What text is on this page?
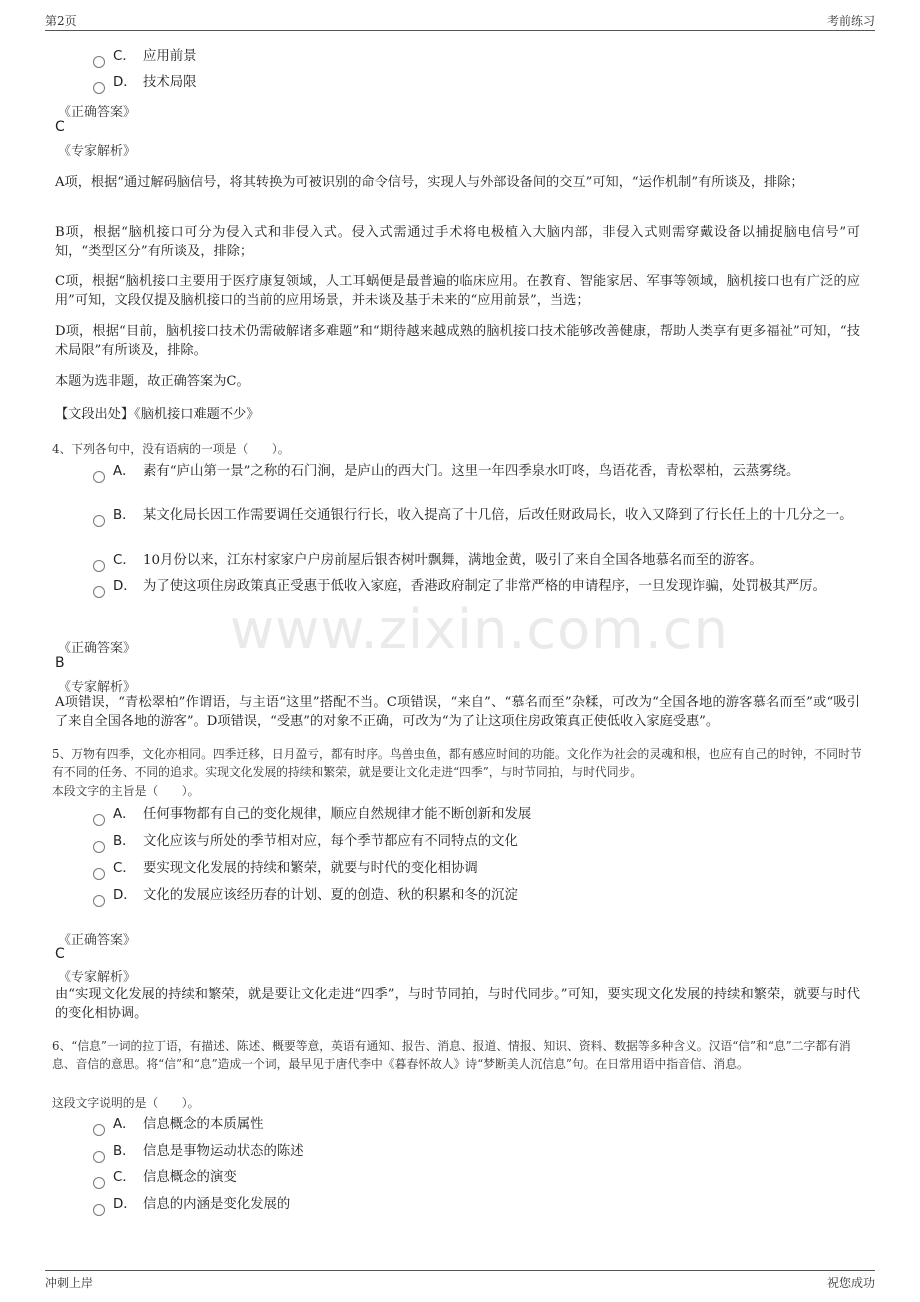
第2页	考前练习
www.zixin.com.cn
C． 应用前景
D． 技术局限
《正确答案》
C
《专家解析》
A项，根据“通过解码脑信号，将其转换为可被识别的命令信号，实现人与外部设备间的交互”可知，“运作机制”有所谈及，排除；
B项，根据“脑机接口可分为侵入式和非侵入式。侵入式需通过手术将电极植入大脑内部，非侵入式则需穿戴设备以捕捉脑电信号”可知，“类型区分”有所谈及，排除；
C项，根据“脑机接口主要用于医疗康复领域，人工耳蜗便是最普遍的临床应用。在教育、智能家居、军事等领域，脑机接口也有广泛的应用”可知，文段仅提及脑机接口的当前的应用场景，并未谈及基于未来的“应用前景”，当选；
D项，根据“目前，脑机接口技术仍需破解诸多难题”和“期待越来越成熟的脑机接口技术能够改善健康，帮助人类享有更多福祉”可知，“技术局限”有所谈及，排除。
本题为选非题，故正确答案为C。
【文段出处】《脑机接口难题不少》
4、下列各句中，没有语病的一项是（　　）。
A． 素有“庐山第一景”之称的石门涧，是庐山的西大门。这里一年四季泉水叮咚，鸟语花香，青松翠柏，云蒸雾绕。
B． 某文化局长因工作需要调任交通银行行长，收入提高了十几倍，后改任财政局长，收入又降到了行长任上的十几分之一。
C． 10月份以来，江东村家家户户房前屋后银杏树叶飘舞，满地金黄，吸引了来自全国各地慕名而至的游客。
D． 为了使这项住房政策真正受惠于低收入家庭，香港政府制定了非常严格的申请程序，一旦发现诈骗，处罚极其严厉。
《正确答案》
B
《专家解析》
A项错误，“青松翠柏”作谓语，与主语“这里”搭配不当。C项错误，“来自”、“慕名而至”杂糅，可改为“全国各地的游客慕名而至”或“吸引了来自全国各地的游客”。D项错误，“受惠”的对象不正确，可改为“为了让这项住房政策真正使低收入家庭受惠”。
5、万物有四季，文化亦相同。四季迁移，日月盈亏，都有时序。鸟兽虫鱼，都有感应时间的功能。文化作为社会的灵魂和根，也应有自己的时钟，不同时节有不同的任务、不同的追求。实现文化发展的持续和繁荣，就是要让文化走进“四季”，与时节同拍，与时代同步。
本段文字的主旨是（　　）。
A． 任何事物都有自己的变化规律，顺应自然规律才能不断创新和发展
B． 文化应该与所处的季节相对应，每个季节都应有不同特点的文化
C． 要实现文化发展的持续和繁荣，就要与时代的变化相协调
D． 文化的发展应该经历春的计划、夏的创造、秋的积累和冬的沉淀
《正确答案》
C
《专家解析》
由“实现文化发展的持续和繁荣，就是要让文化走进“四季”，与时节同拍，与时代同步。”可知，要实现文化发展的持续和繁荣，就要与时代的变化相协调。
6、“信息”一词的拉丁语，有描述、陈述、概要等意，英语有通知、报告、消息、报道、情报、知识、资料、数据等多种含义。汉语“信”和“息”二字都有消息、音信的意思。将“信”和“息”造成一个词，最早见于唐代李中《暮春怀故人》诗“梦断美人沉信息”句。在日常用语中指音信、消息。
这段文字说明的是（　　）。
A． 信息概念的本质属性
B． 信息是事物运动状态的陈述
C． 信息概念的演变
D． 信息的内涵是变化发展的
冲刺上岸	祝您成功
